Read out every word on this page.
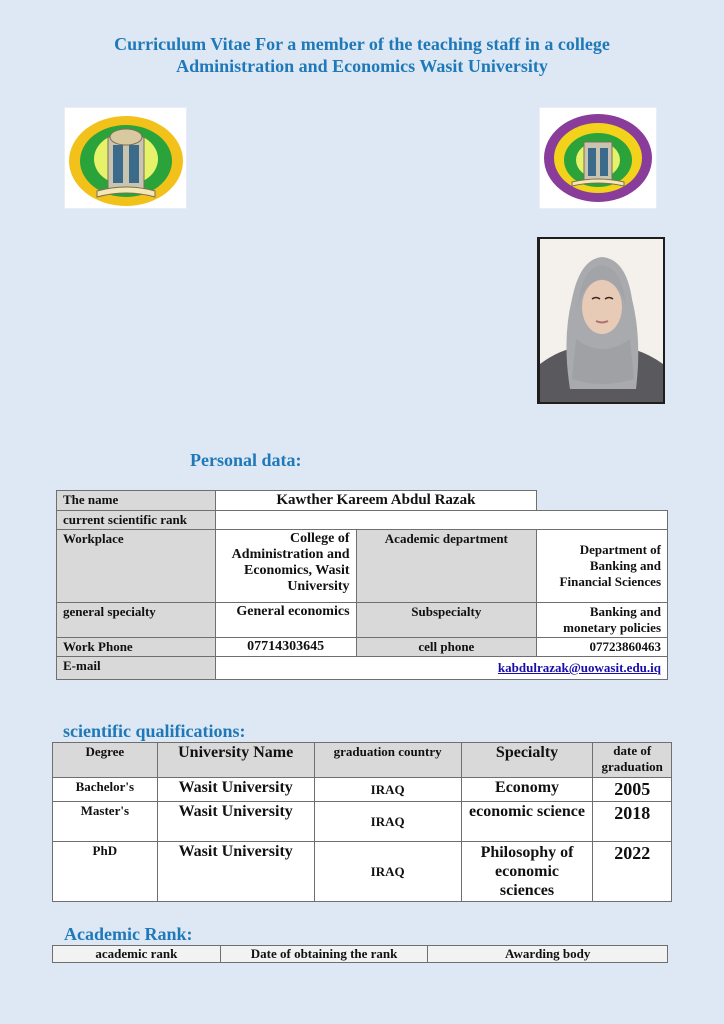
Curriculum Vitae For a member of the teaching staff in a college
Administration and Economics Wasit University
Personal data:
The name	Kawther Kareem Abdul Razak		
current scientific rank			
Workplace	College of Administration and Economics, Wasit University	Academic department	Department of Banking and Financial Sciences
general specialty	General economics	Subspecialty	Banking and monetary policies
Work Phone	07714303645	cell phone	07723860463
E-mail	kabdulrazak@uowasit.edu.iq		
scientific qualifications:
Degree	University Name	graduation country	Specialty	date of graduation
Bachelor's	Wasit University	IRAQ	Economy	2005
Master's	Wasit University	IRAQ	economic science	2018
PhD	Wasit University	IRAQ	Philosophy of economic sciences	2022
Academic Rank:
academic rank	Date of obtaining the rank	Awarding body
